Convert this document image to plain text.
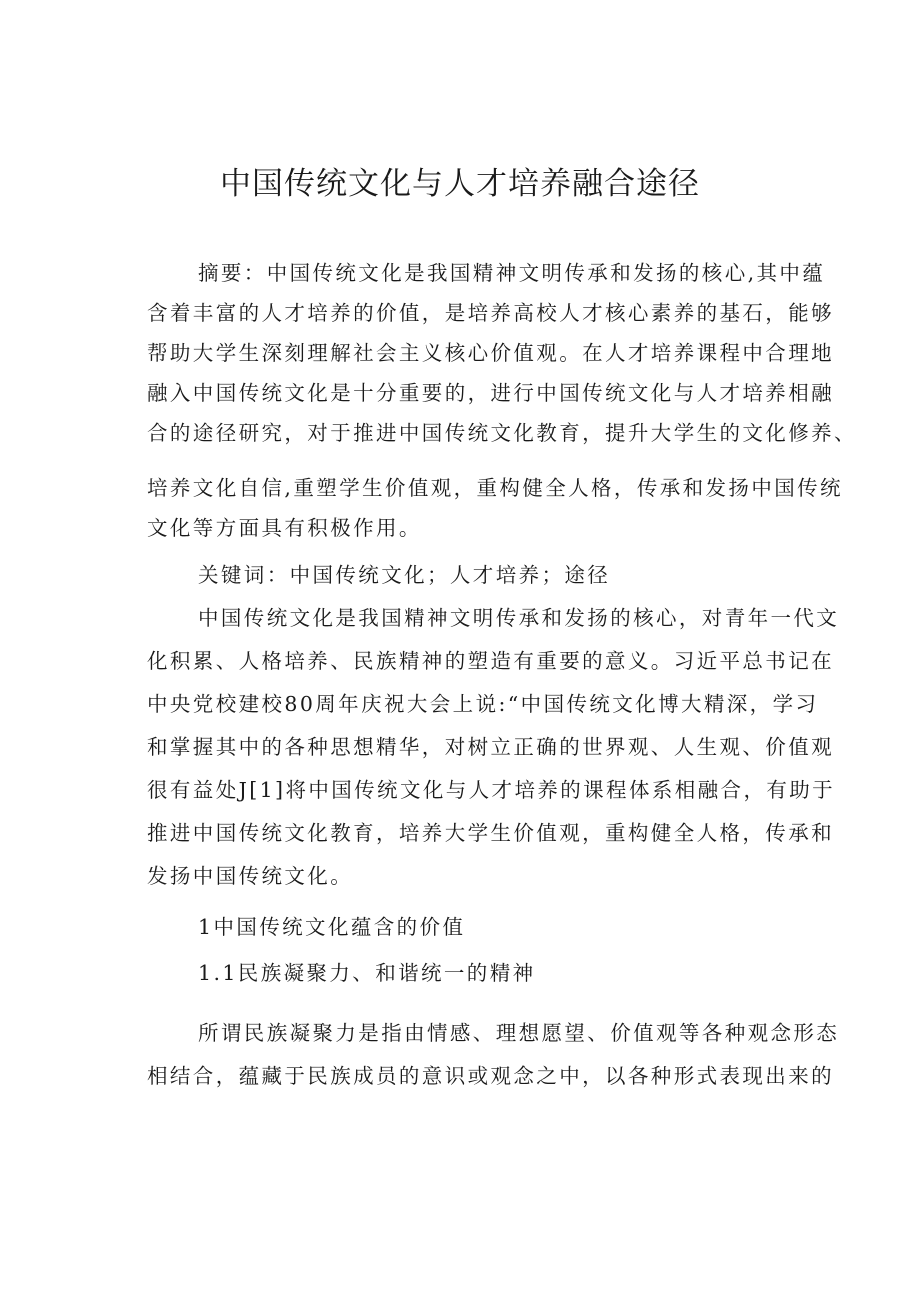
中国传统文化与人才培养融合途径

摘要：中国传统文化是我国精神文明传承和发扬的核心,其中蕴

含着丰富的人才培养的价值，是培养高校人才核心素养的基石，能够

帮助大学生深刻理解社会主义核心价值观。在人才培养课程中合理地

融入中国传统文化是十分重要的，进行中国传统文化与人才培养相融

合的途径研究，对于推进中国传统文化教育，提升大学生的文化修养、

培养文化自信,重塑学生价值观，重构健全人格，传承和发扬中国传统

文化等方面具有积极作用。

关键词：中国传统文化；人才培养；途径

中国传统文化是我国精神文明传承和发扬的核心，对青年一代文

化积累、人格培养、民族精神的塑造有重要的意义。习近平总书记在

中央党校建校80周年庆祝大会上说:“中国传统文化博大精深，学习

和掌握其中的各种思想精华，对树立正确的世界观、人生观、价值观

很有益处J[1]将中国传统文化与人才培养的课程体系相融合，有助于

推进中国传统文化教育，培养大学生价值观，重构健全人格，传承和

发扬中国传统文化。

1中国传统文化蕴含的价值

1.1民族凝聚力、和谐统一的精神

所谓民族凝聚力是指由情感、理想愿望、价值观等各种观念形态

相结合，蕴藏于民族成员的意识或观念之中，以各种形式表现出来的
